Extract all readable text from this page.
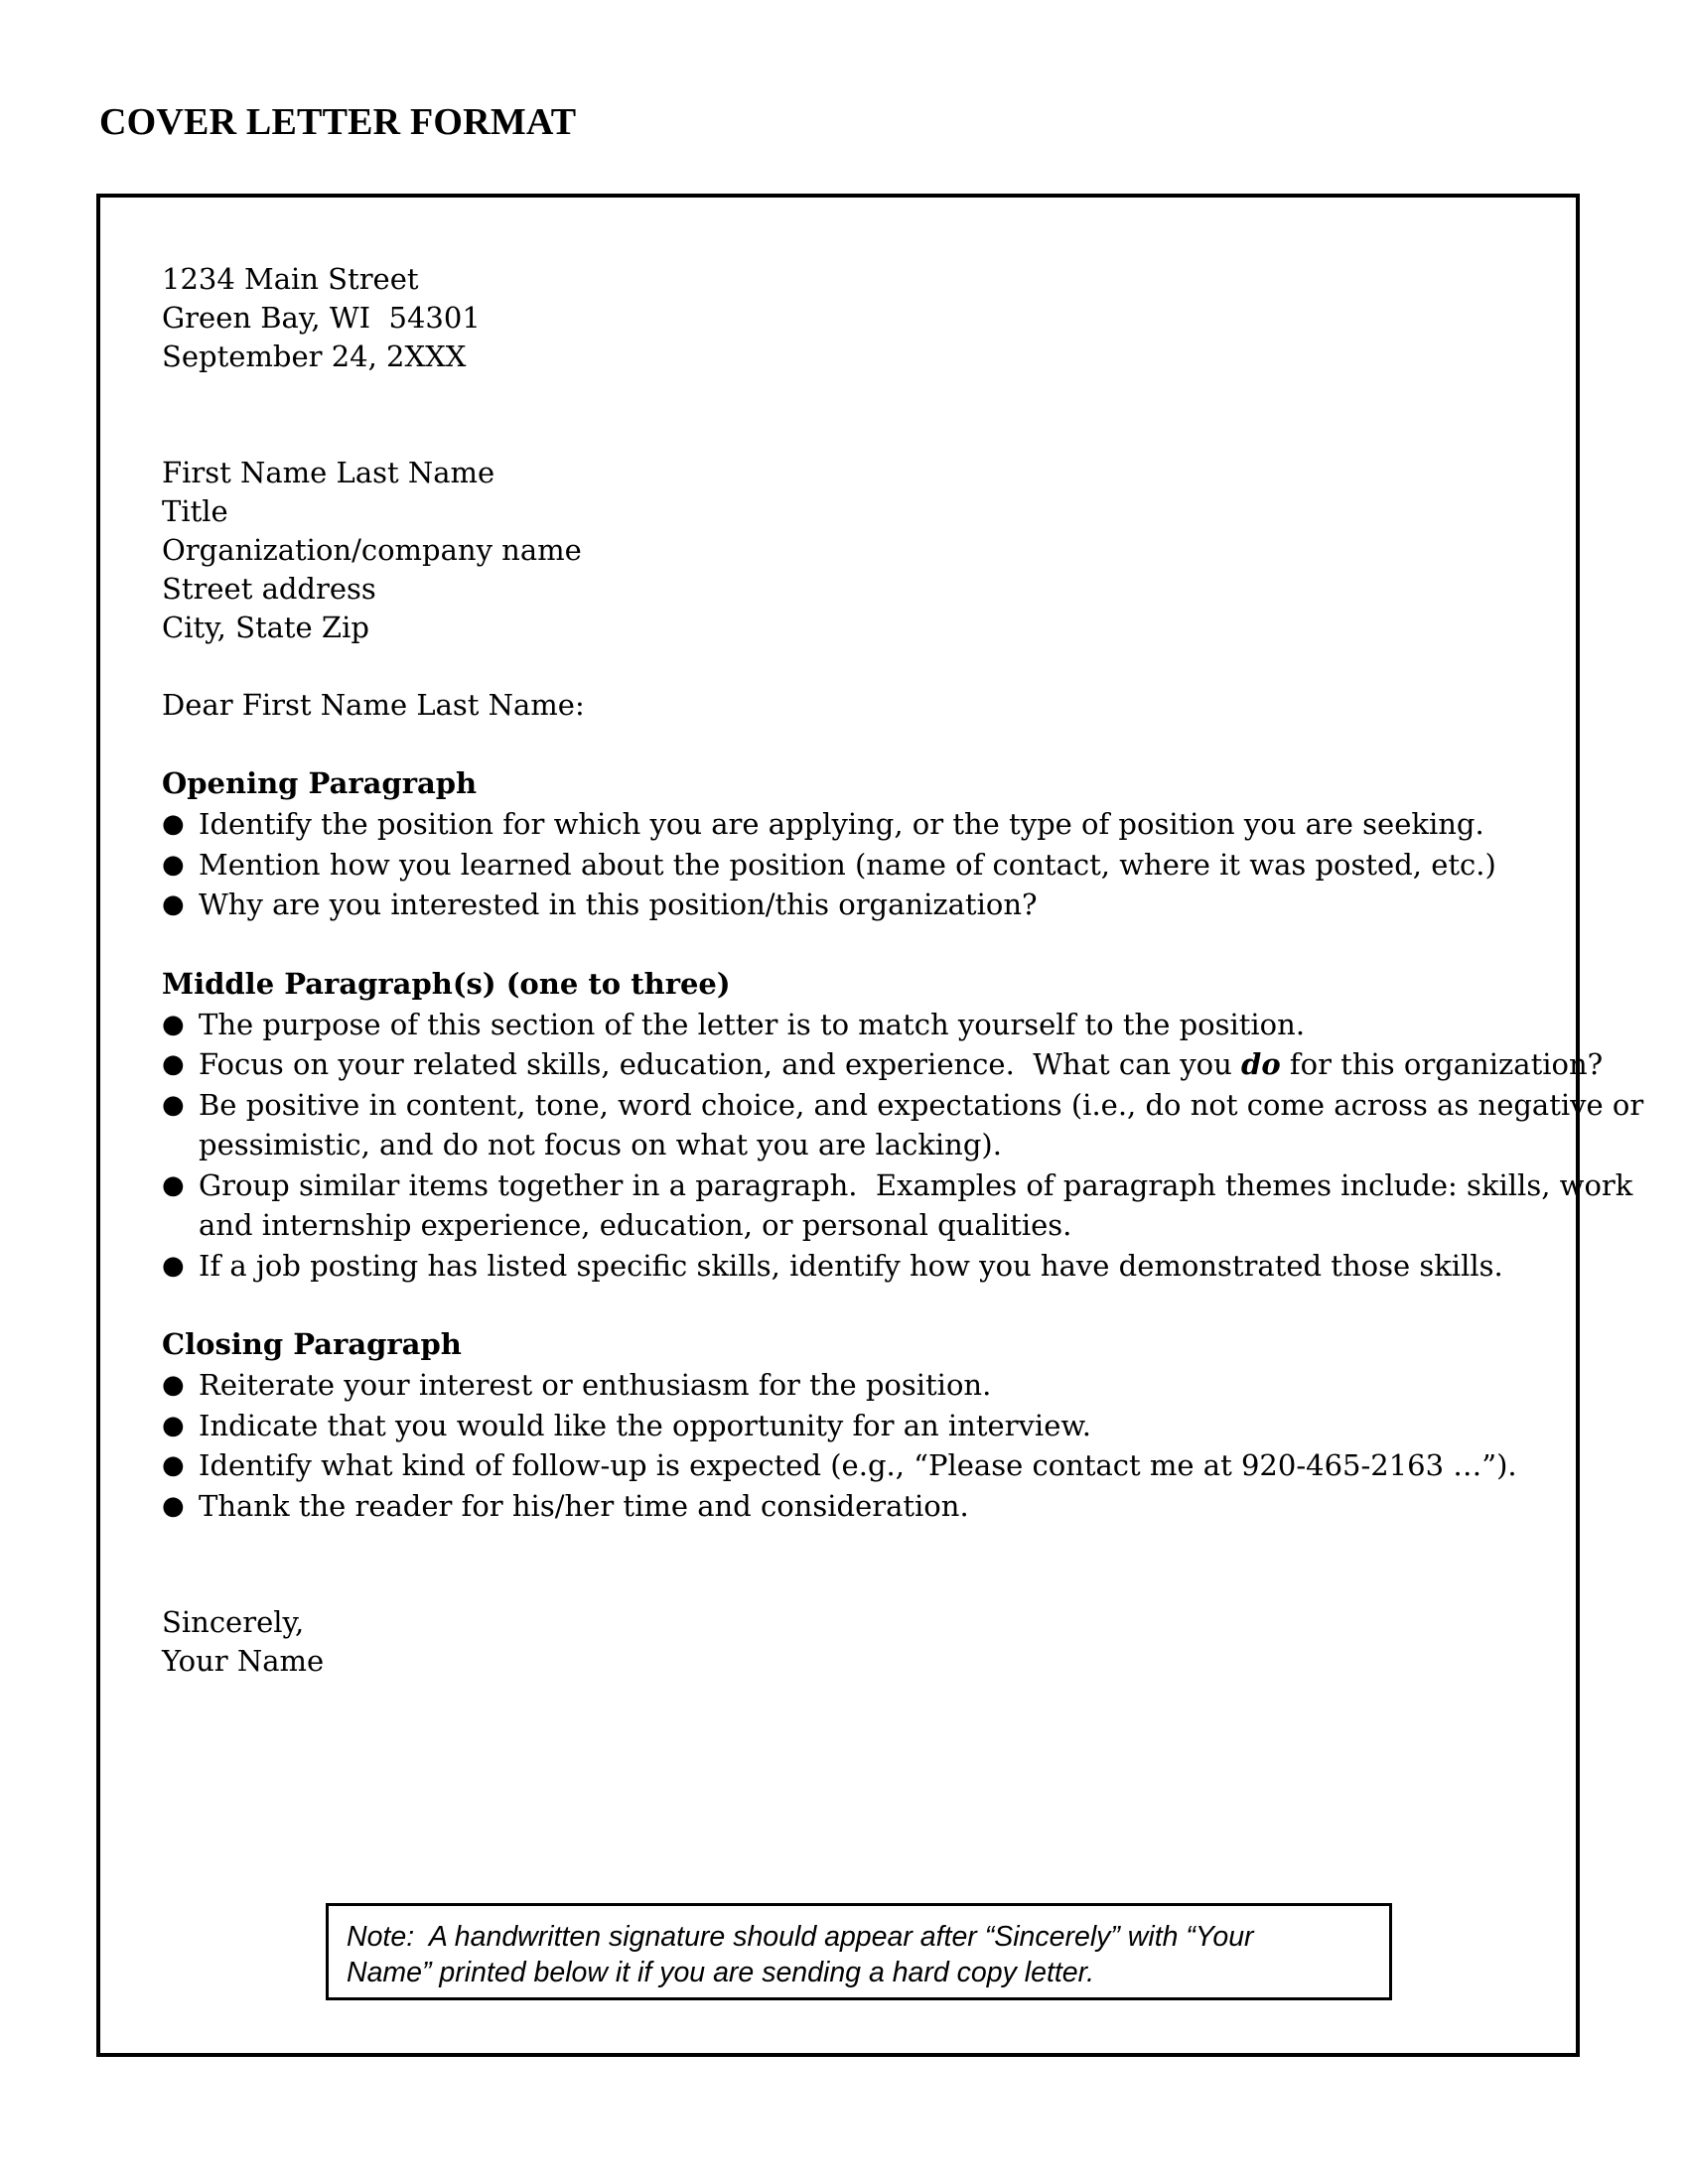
COVER LETTER FORMAT
1234 Main Street
Green Bay, WI  54301
September 24, 2XXX
First Name Last Name
Title
Organization/company name
Street address
City, State Zip
Dear First Name Last Name:
Opening Paragraph
● Identify the position for which you are applying, or the type of position you are seeking.
● Mention how you learned about the position (name of contact, where it was posted, etc.)
● Why are you interested in this position/this organization?
Middle Paragraph(s) (one to three)
● The purpose of this section of the letter is to match yourself to the position.
● Focus on your related skills, education, and experience.  What can you do for this organization?
● Be positive in content, tone, word choice, and expectations (i.e., do not come across as negative or
pessimistic, and do not focus on what you are lacking).
● Group similar items together in a paragraph.  Examples of paragraph themes include: skills, work
and internship experience, education, or personal qualities.
● If a job posting has listed specific skills, identify how you have demonstrated those skills.
Closing Paragraph
● Reiterate your interest or enthusiasm for the position.
● Indicate that you would like the opportunity for an interview.
● Identify what kind of follow-up is expected (e.g., “Please contact me at 920-465-2163 …”).
● Thank the reader for his/her time and consideration.
Sincerely,
Your Name
Note:  A handwritten signature should appear after “Sincerely” with “Your
Name” printed below it if you are sending a hard copy letter.
